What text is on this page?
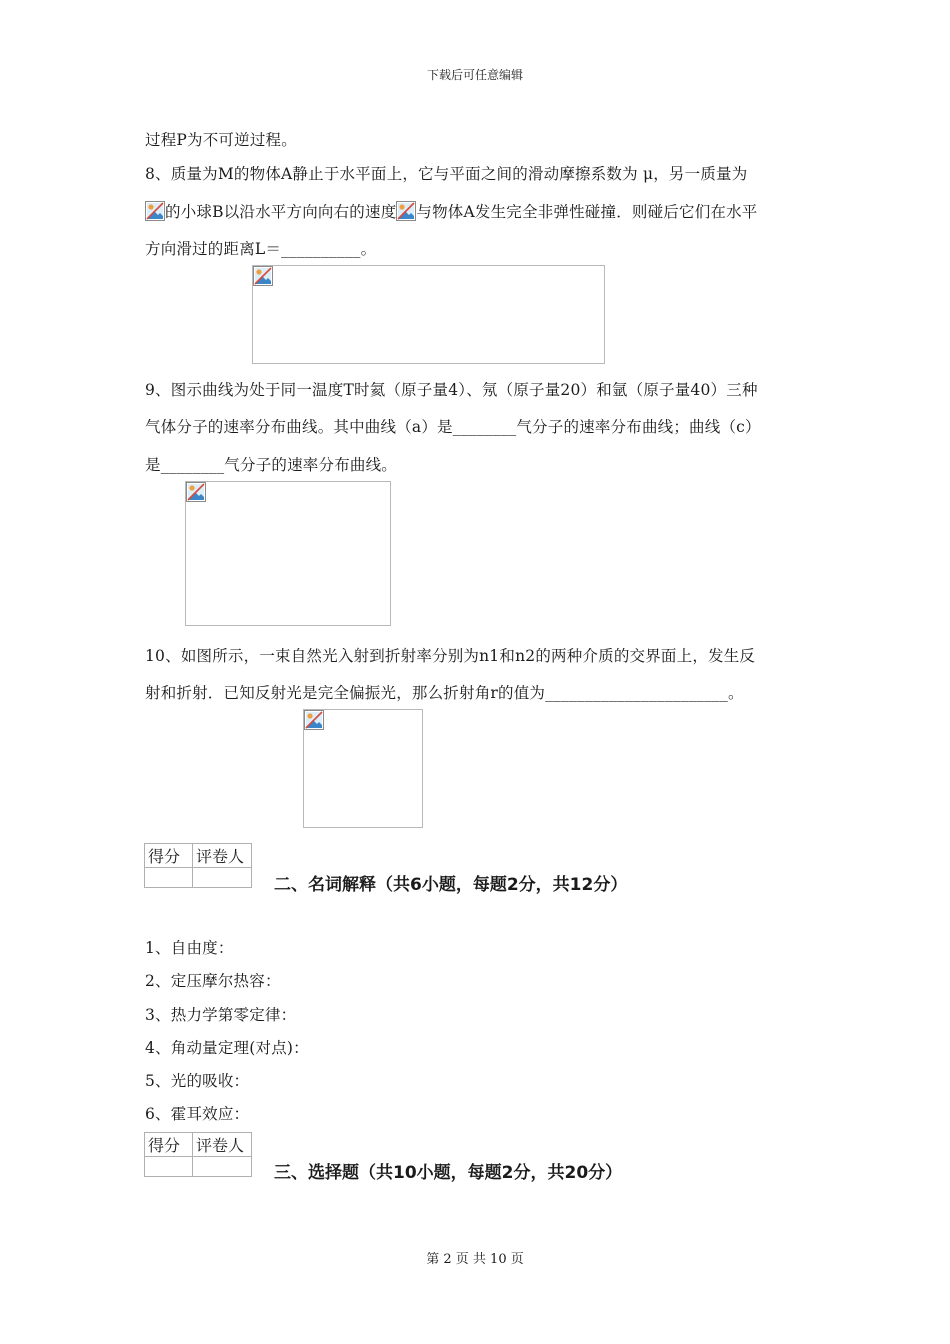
下载后可任意编辑
过程P为不可逆过程。
8、质量为M的物体A静止于水平面上，它与平面之间的滑动摩擦系数为 μ，另一质量为
的小球B以沿水平方向向右的速度 与物体A发生完全非弹性碰撞．则碰后它们在水平
方向滑过的距离L＝__________。
9、图示曲线为处于同一温度T时氦（原子量4）、氖（原子量20）和氩（原子量40）三种
气体分子的速率分布曲线。其中曲线（a）是________气分子的速率分布曲线；曲线（c）
是________气分子的速率分布曲线。
10、如图所示，一束自然光入射到折射率分别为n1和n2的两种介质的交界面上，发生反
射和折射．已知反射光是完全偏振光，那么折射角r的值为_______________________。
得分	评卷人

二、名词解释（共6小题，每题2分，共12分）
1、自由度：
2、定压摩尔热容：
3、热力学第零定律：
4、角动量定理(对点)：
5、光的吸收：
6、霍耳效应：
得分	评卷人

三、选择题（共10小题，每题2分，共20分）
第 2 页 共 10 页
